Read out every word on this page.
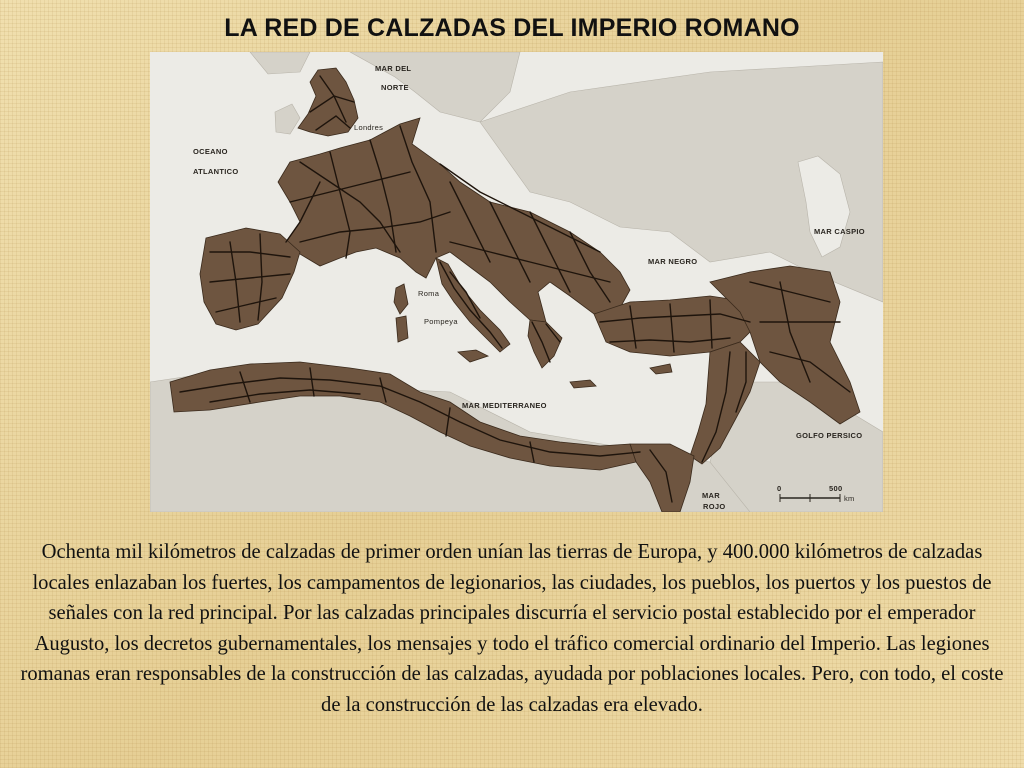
LA RED DE CALZADAS DEL IMPERIO ROMANO
MAR DEL
NORTE
OCEANO
ATLANTICO
Londres
Roma
Pompeya
MAR NEGRO
MAR CASPIO
MAR MEDITERRANEO
GOLFO PERSICO
MAR
ROJO
0	500
km
Ochenta mil kilómetros de calzadas de primer orden unían las tierras de Europa, y 400.000 kilómetros de calzadas locales enlazaban los fuertes, los campamentos de legionarios, las ciudades, los pueblos, los puertos y los puestos de señales con la red principal. Por las calzadas principales discurría el servicio postal establecido por el emperador Augusto, los decretos gubernamentales, los mensajes y todo el tráfico comercial ordinario del Imperio. Las legiones romanas eran responsables de la construcción de las calzadas, ayudada por poblaciones locales. Pero, con todo, el coste de la construcción de las calzadas era elevado.
